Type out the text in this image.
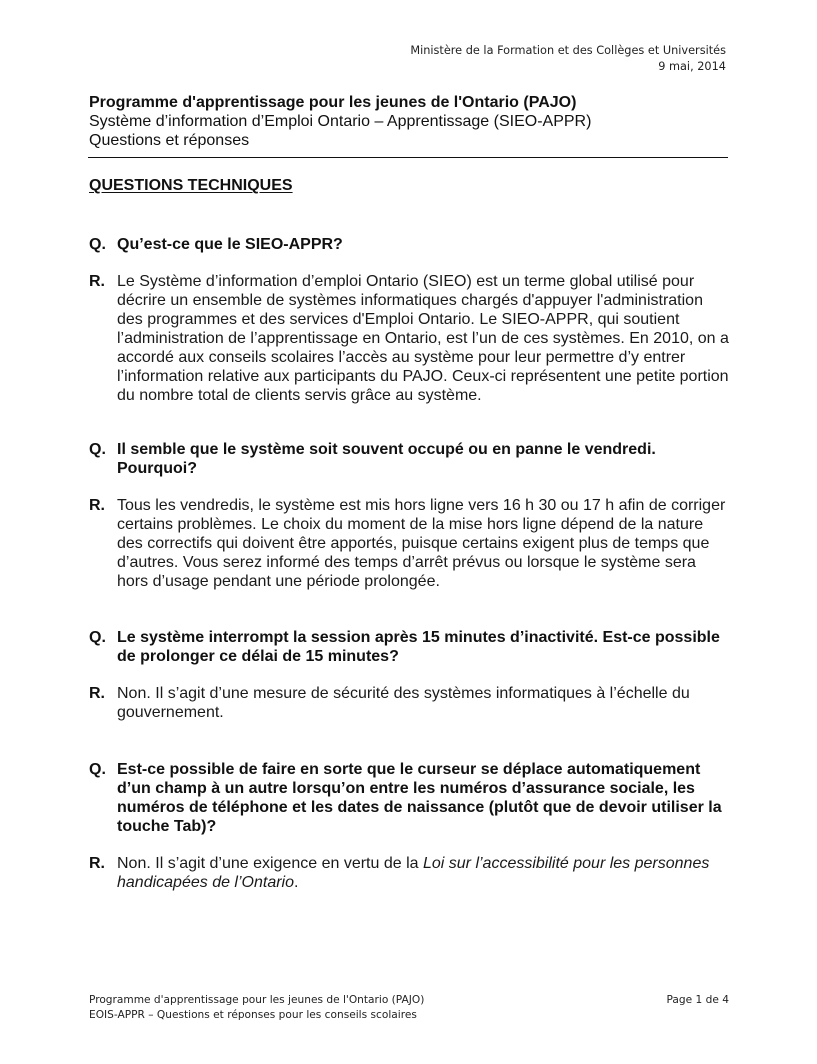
Ministère de la Formation et des Collèges et Universités
9 mai, 2014
Programme d'apprentissage pour les jeunes de l'Ontario (PAJO)
Système d’information d’Emploi Ontario – Apprentissage (SIEO-APPR)
Questions et réponses
QUESTIONS TECHNIQUES
Q. Qu’est-ce que le SIEO-APPR?
R. Le Système d’information d’emploi Ontario (SIEO) est un terme global utilisé pour décrire un ensemble de systèmes informatiques chargés d'appuyer l'administration des programmes et des services d'Emploi Ontario. Le SIEO-APPR, qui soutient l’administration de l’apprentissage en Ontario, est l’un de ces systèmes. En 2010, on a accordé aux conseils scolaires l’accès au système pour leur permettre d’y entrer l’information relative aux participants du PAJO. Ceux-ci représentent une petite portion du nombre total de clients servis grâce au système.
Q. Il semble que le système soit souvent occupé ou en panne le vendredi. Pourquoi?
R. Tous les vendredis, le système est mis hors ligne vers 16 h 30 ou 17 h afin de corriger certains problèmes. Le choix du moment de la mise hors ligne dépend de la nature des correctifs qui doivent être apportés, puisque certains exigent plus de temps que d’autres. Vous serez informé des temps d’arrêt prévus ou lorsque le système sera hors d’usage pendant une période prolongée.
Q. Le système interrompt la session après 15 minutes d’inactivité. Est-ce possible de prolonger ce délai de 15 minutes?
R. Non. Il s’agit d’une mesure de sécurité des systèmes informatiques à l’échelle du gouvernement.
Q. Est-ce possible de faire en sorte que le curseur se déplace automatiquement d’un champ à un autre lorsqu’on entre les numéros d’assurance sociale, les numéros de téléphone et les dates de naissance (plutôt que de devoir utiliser la touche Tab)?
R. Non. Il s’agit d’une exigence en vertu de la Loi sur l’accessibilité pour les personnes handicapées de l’Ontario.
Programme d'apprentissage pour les jeunes de l'Ontario (PAJO)
EOIS-APPR – Questions et réponses pour les conseils scolaires
Page 1 de 4
